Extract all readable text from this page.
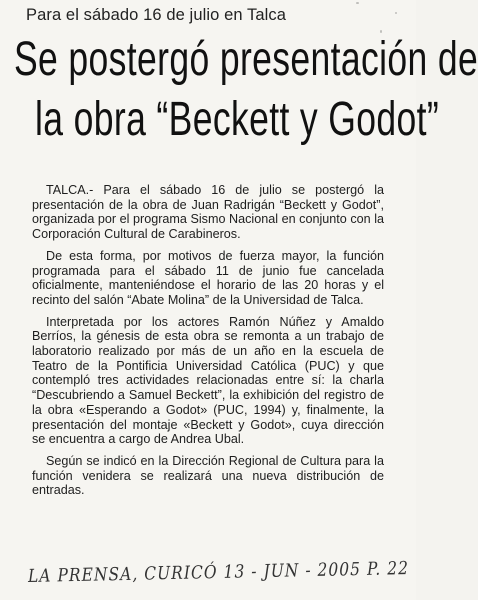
Para el sábado 16 de julio en Talca
Se postergó presentación de
la obra “Beckett y Godot”

TALCA.- Para el sábado 16 de julio se postergó la presentación de la obra de Juan Radrigán “Beckett y Godot”, organizada por el programa Sismo Nacional en conjunto con la Corporación Cultural de Carabineros.

De esta forma, por motivos de fuerza mayor, la función programada para el sábado 11 de junio fue cancelada oficialmente, manteniéndose el horario de las 20 horas y el recinto del salón “Abate Molina” de la Universidad de Talca.

Interpretada por los actores Ramón Núñez y Amaldo Berríos, la génesis de esta obra se remonta a un trabajo de laboratorio realizado por más de un año en la escuela de Teatro de la Pontificia Universidad Católica (PUC) y que contempló tres actividades relacionadas entre sí: la charla “Descubriendo a Samuel Beckett”, la exhibición del registro de la obra «Esperando a Godot» (PUC, 1994) y, finalmente, la presentación del montaje «Beckett y Godot», cuya dirección se encuentra a cargo de Andrea Ubal.

Según se indicó en la Dirección Regional de Cultura para la función venidera se realizará una nueva distribución de entradas.

LA PRENSA, CURICÓ 13 - JUN - 2005 P. 22
